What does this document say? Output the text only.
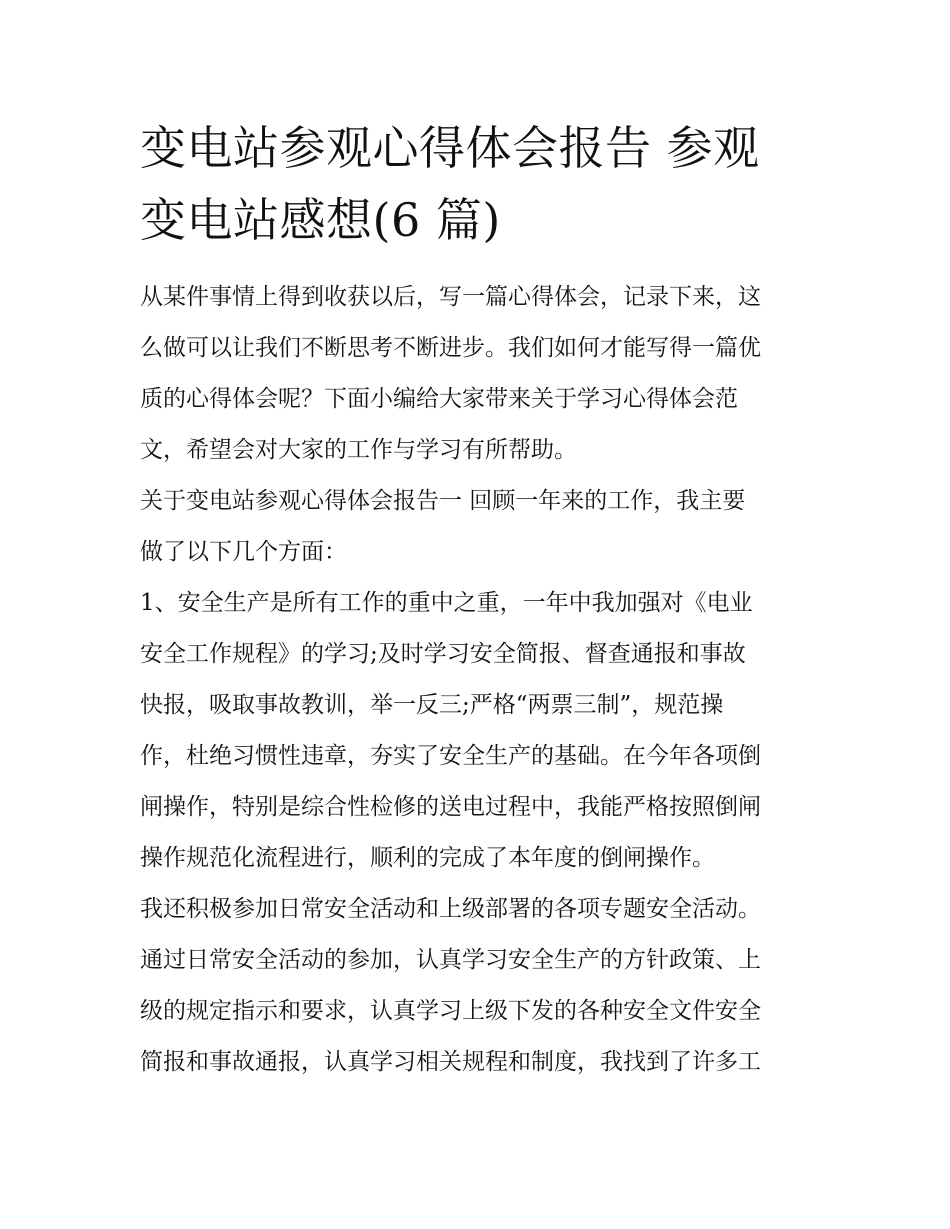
变电站参观心得体会报告 参观
变电站感想(6 篇)
从某件事情上得到收获以后，写一篇心得体会，记录下来，这
么做可以让我们不断思考不断进步。我们如何才能写得一篇优
质的心得体会呢？下面小编给大家带来关于学习心得体会范
文，希望会对大家的工作与学习有所帮助。
关于变电站参观心得体会报告一 回顾一年来的工作，我主要
做了以下几个方面：
1、安全生产是所有工作的重中之重，一年中我加强对《电业
安全工作规程》的学习;及时学习安全简报、督查通报和事故
快报，吸取事故教训，举一反三;严格“两票三制”，规范操
作，杜绝习惯性违章，夯实了安全生产的基础。在今年各项倒
闸操作，特别是综合性检修的送电过程中，我能严格按照倒闸
操作规范化流程进行，顺利的完成了本年度的倒闸操作。
我还积极参加日常安全活动和上级部署的各项专题安全活动。
通过日常安全活动的参加，认真学习安全生产的方针政策、上
级的规定指示和要求，认真学习上级下发的各种安全文件安全
简报和事故通报，认真学习相关规程和制度，我找到了许多工
